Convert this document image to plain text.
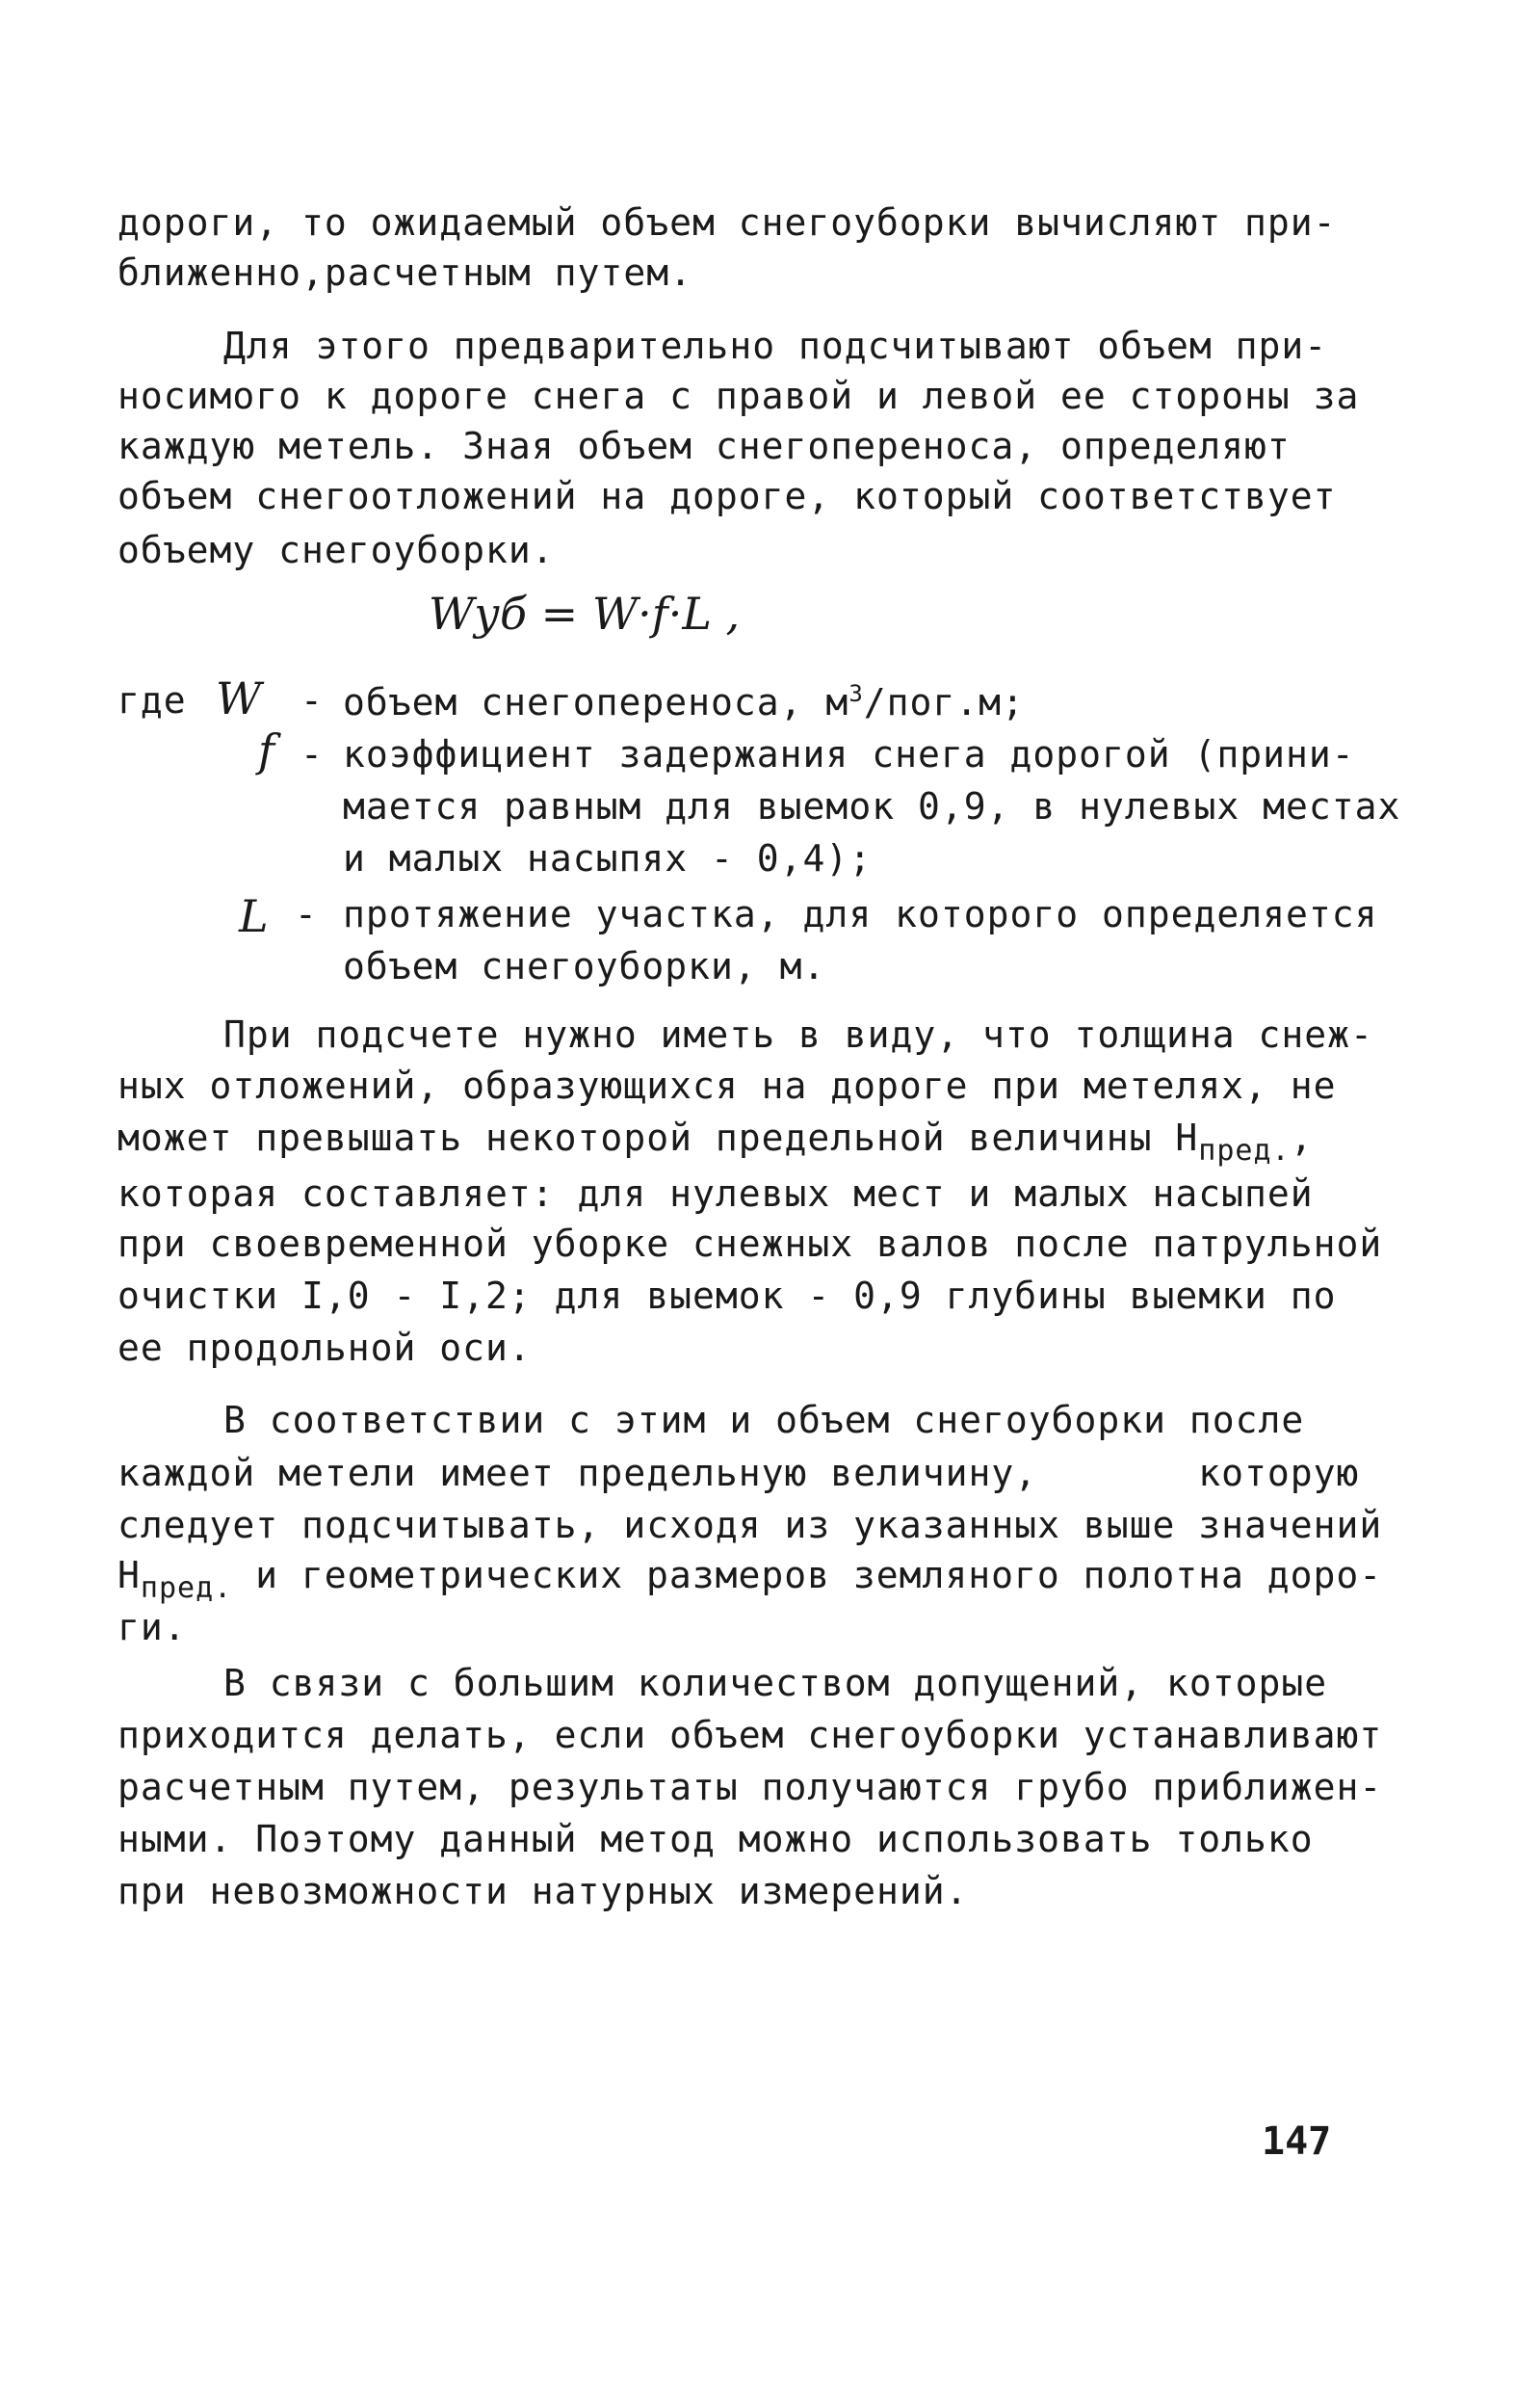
дороги, то ожидаемый объем снегоуборки вычисляют при-
ближенно,расчетным путем.
Для этого предварительно подсчитывают объем при-
носимого к дороге снега с правой и левой ее стороны за
каждую метель. Зная объем снегопереноса, определяют
объем снегоотложений на дороге, который соответствует
объему снегоуборки.
Wуб = W·f·L ,
где W - объем снегопереноса, $м^3/пог.м$;
f - коэффициент задержания снега дорогой (прини-
мается равным для выемок 0,9, в нулевых местах
и малых насыпях - 0,4);
L - протяжение участка, для которого определяется
объем снегоуборки, м.
При подсчете нужно иметь в виду, что толщина снеж-
ных отложений, образующихся на дороге при метелях, не
может превышать некоторой предельной величины $Н_{пред.}$,
которая составляет: для нулевых мест и малых насыпей
при своевременной уборке снежных валов после патрульной
очистки I,0 - I,2; для выемок - 0,9 глубины выемки по
ее продольной оси.
В соответствии с этим и объем снегоуборки после
каждой метели имеет предельную величину,       которую
следует подсчитывать, исходя из указанных выше значений
$Н_{пред.}$ и геометрических размеров земляного полотна доро-
ги.
В связи с большим количеством допущений, которые
приходится делать, если объем снегоуборки устанавливают
расчетным путем, результаты получаются грубо приближен-
ными. Поэтому данный метод можно использовать только
при невозможности натурных измерений.
147
